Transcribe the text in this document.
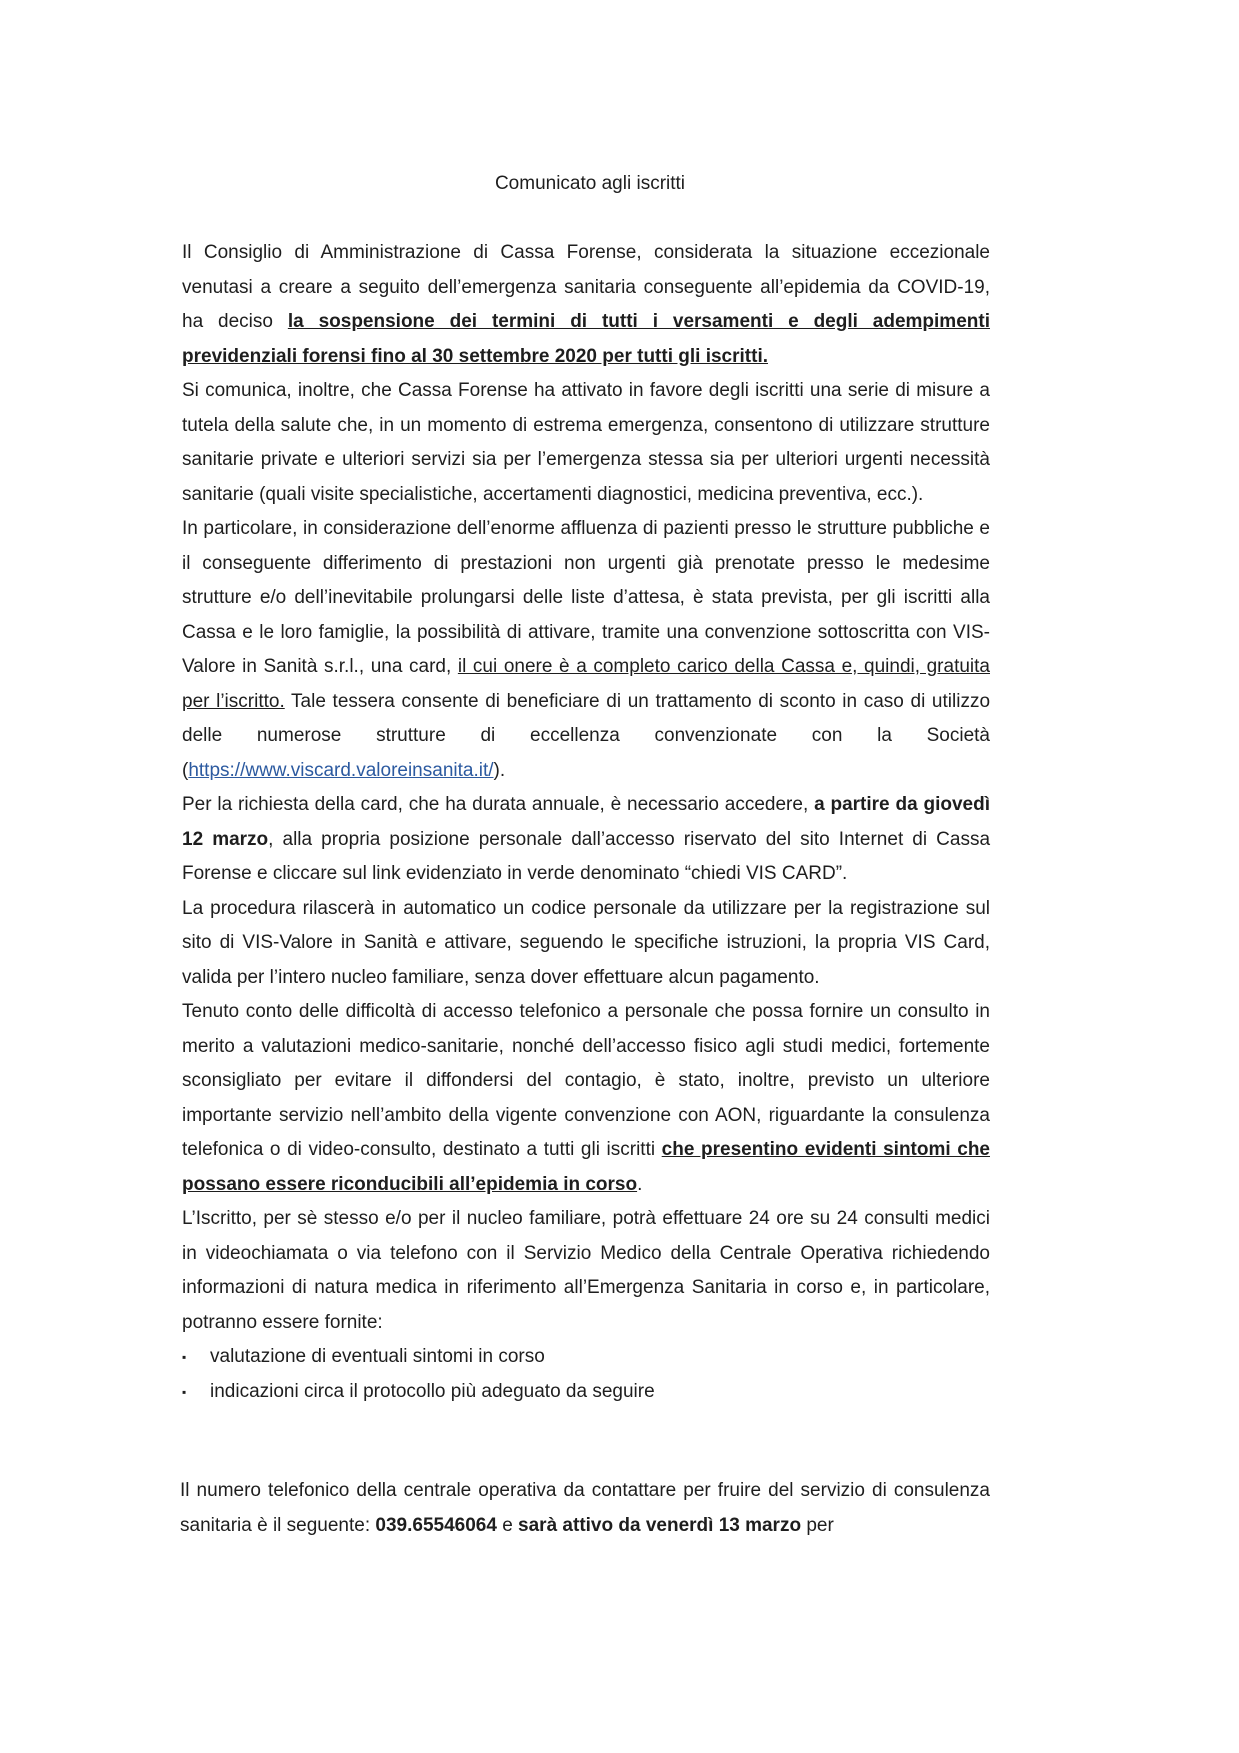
Comunicato agli iscritti

Il Consiglio di Amministrazione di Cassa Forense, considerata la situazione eccezionale venutasi a creare a seguito dell’emergenza sanitaria conseguente all’epidemia da COVID-19, ha deciso la sospensione dei termini di tutti i versamenti e degli adempimenti previdenziali forensi fino al 30 settembre 2020 per tutti gli iscritti.

Si comunica, inoltre, che Cassa Forense ha attivato in favore degli iscritti una serie di misure a tutela della salute che, in un momento di estrema emergenza, consentono di utilizzare strutture sanitarie private e ulteriori servizi sia per l’emergenza stessa sia per ulteriori urgenti necessità sanitarie (quali visite specialistiche, accertamenti diagnostici, medicina preventiva, ecc.).

In particolare, in considerazione dell’enorme affluenza di pazienti presso le strutture pubbliche e il conseguente differimento di prestazioni non urgenti già prenotate presso le medesime strutture e/o dell’inevitabile prolungarsi delle liste d’attesa, è stata prevista, per gli iscritti alla Cassa e le loro famiglie, la possibilità di attivare, tramite una convenzione sottoscritta con VIS-Valore in Sanità s.r.l., una card, il cui onere è a completo carico della Cassa e, quindi, gratuita per l’iscritto. Tale tessera consente di beneficiare di un trattamento di sconto in caso di utilizzo delle numerose strutture di eccellenza convenzionate con la Società (https://www.viscard.valoreinsanita.it/).

Per la richiesta della card, che ha durata annuale, è necessario accedere, a partire da giovedì 12 marzo, alla propria posizione personale dall’accesso riservato del sito Internet di Cassa Forense e cliccare sul link evidenziato in verde denominato “chiedi VIS CARD”.

La procedura rilascerà in automatico un codice personale da utilizzare per la registrazione sul sito di VIS-Valore in Sanità e attivare, seguendo le specifiche istruzioni, la propria VIS Card, valida per l’intero nucleo familiare, senza dover effettuare alcun pagamento.

Tenuto conto delle difficoltà di accesso telefonico a personale che possa fornire un consulto in merito a valutazioni medico-sanitarie, nonché dell’accesso fisico agli studi medici, fortemente sconsigliato per evitare il diffondersi del contagio, è stato, inoltre, previsto un ulteriore importante servizio nell’ambito della vigente convenzione con AON, riguardante la consulenza telefonica o di video-consulto, destinato a tutti gli iscritti che presentino evidenti sintomi che possano essere riconducibili all’epidemia in corso.

L’Iscritto, per sè stesso e/o per il nucleo familiare, potrà effettuare 24 ore su 24 consulti medici in videochiamata o via telefono con il Servizio Medico della Centrale Operativa richiedendo informazioni di natura medica in riferimento all’Emergenza Sanitaria in corso e, in particolare, potranno essere fornite:

▪ valutazione di eventuali sintomi in corso
▪ indicazioni circa il protocollo più adeguato da seguire

Il numero telefonico della centrale operativa da contattare per fruire del servizio di consulenza sanitaria è il seguente: 039.65546064 e sarà attivo da venerdì 13 marzo per
